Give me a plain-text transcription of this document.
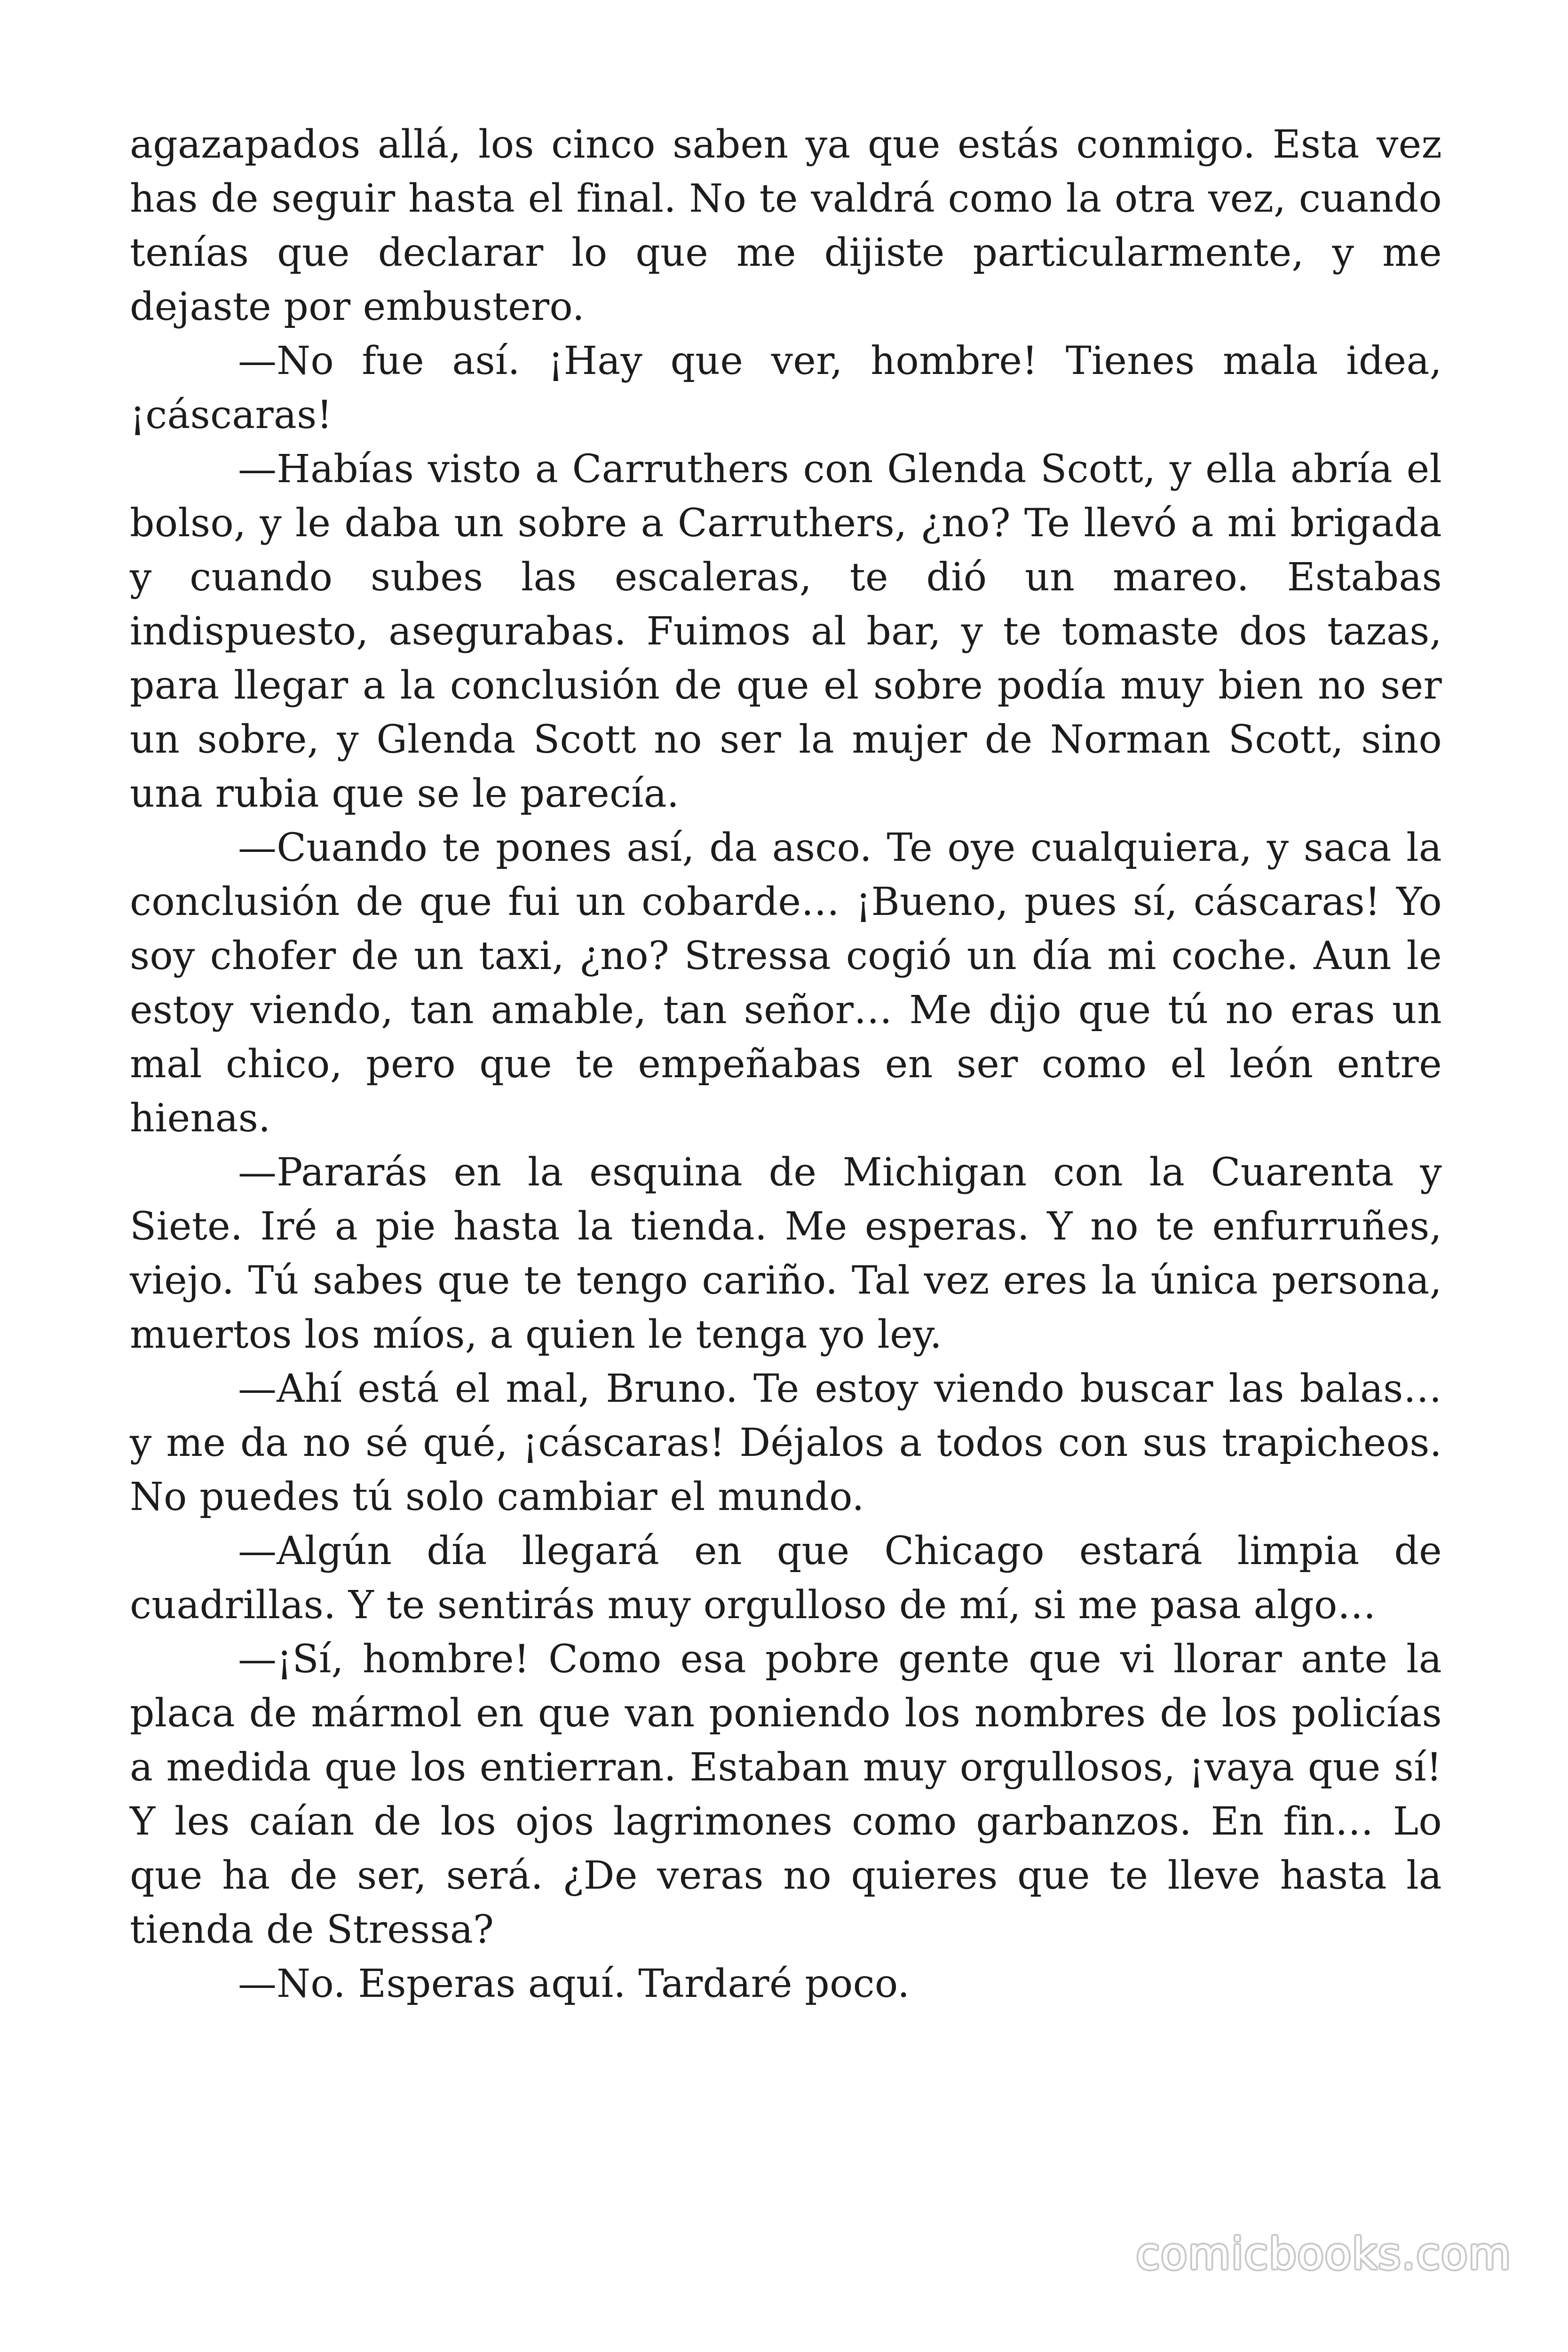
agazapados allá, los cinco saben ya que estás conmigo. Esta vez has de seguir hasta el final. No te valdrá como la otra vez, cuando tenías que declarar lo que me dijiste particularmente, y me dejaste por embustero.

—No fue así. ¡Hay que ver, hombre! Tienes mala idea, ¡cáscaras!

—Habías visto a Carruthers con Glenda Scott, y ella abría el bolso, y le daba un sobre a Carruthers, ¿no? Te llevó a mi brigada y cuando subes las escaleras, te dió un mareo. Estabas indispuesto, asegurabas. Fuimos al bar, y te tomaste dos tazas, para llegar a la conclusión de que el sobre podía muy bien no ser un sobre, y Glenda Scott no ser la mujer de Norman Scott, sino una rubia que se le parecía.

—Cuando te pones así, da asco. Te oye cualquiera, y saca la conclusión de que fui un cobarde… ¡Bueno, pues sí, cáscaras! Yo soy chofer de un taxi, ¿no? Stressa cogió un día mi coche. Aun le estoy viendo, tan amable, tan señor… Me dijo que tú no eras un mal chico, pero que te empeñabas en ser como el león entre hienas.

—Pararás en la esquina de Michigan con la Cuarenta y Siete. Iré a pie hasta la tienda. Me esperas. Y no te enfurruñes, viejo. Tú sabes que te tengo cariño. Tal vez eres la única persona, muertos los míos, a quien le tenga yo ley.

—Ahí está el mal, Bruno. Te estoy viendo buscar las balas… y me da no sé qué, ¡cáscaras! Déjalos a todos con sus trapicheos. No puedes tú solo cambiar el mundo.

—Algún día llegará en que Chicago estará limpia de cuadrillas. Y te sentirás muy orgulloso de mí, si me pasa algo…

—¡Sí, hombre! Como esa pobre gente que vi llorar ante la placa de mármol en que van poniendo los nombres de los policías a medida que los entierran. Estaban muy orgullosos, ¡vaya que sí! Y les caían de los ojos lagrimones como garbanzos. En fin… Lo que ha de ser, será. ¿De veras no quieres que te lleve hasta la tienda de Stressa?

—No. Esperas aquí. Tardaré poco.

comicbooks.com
